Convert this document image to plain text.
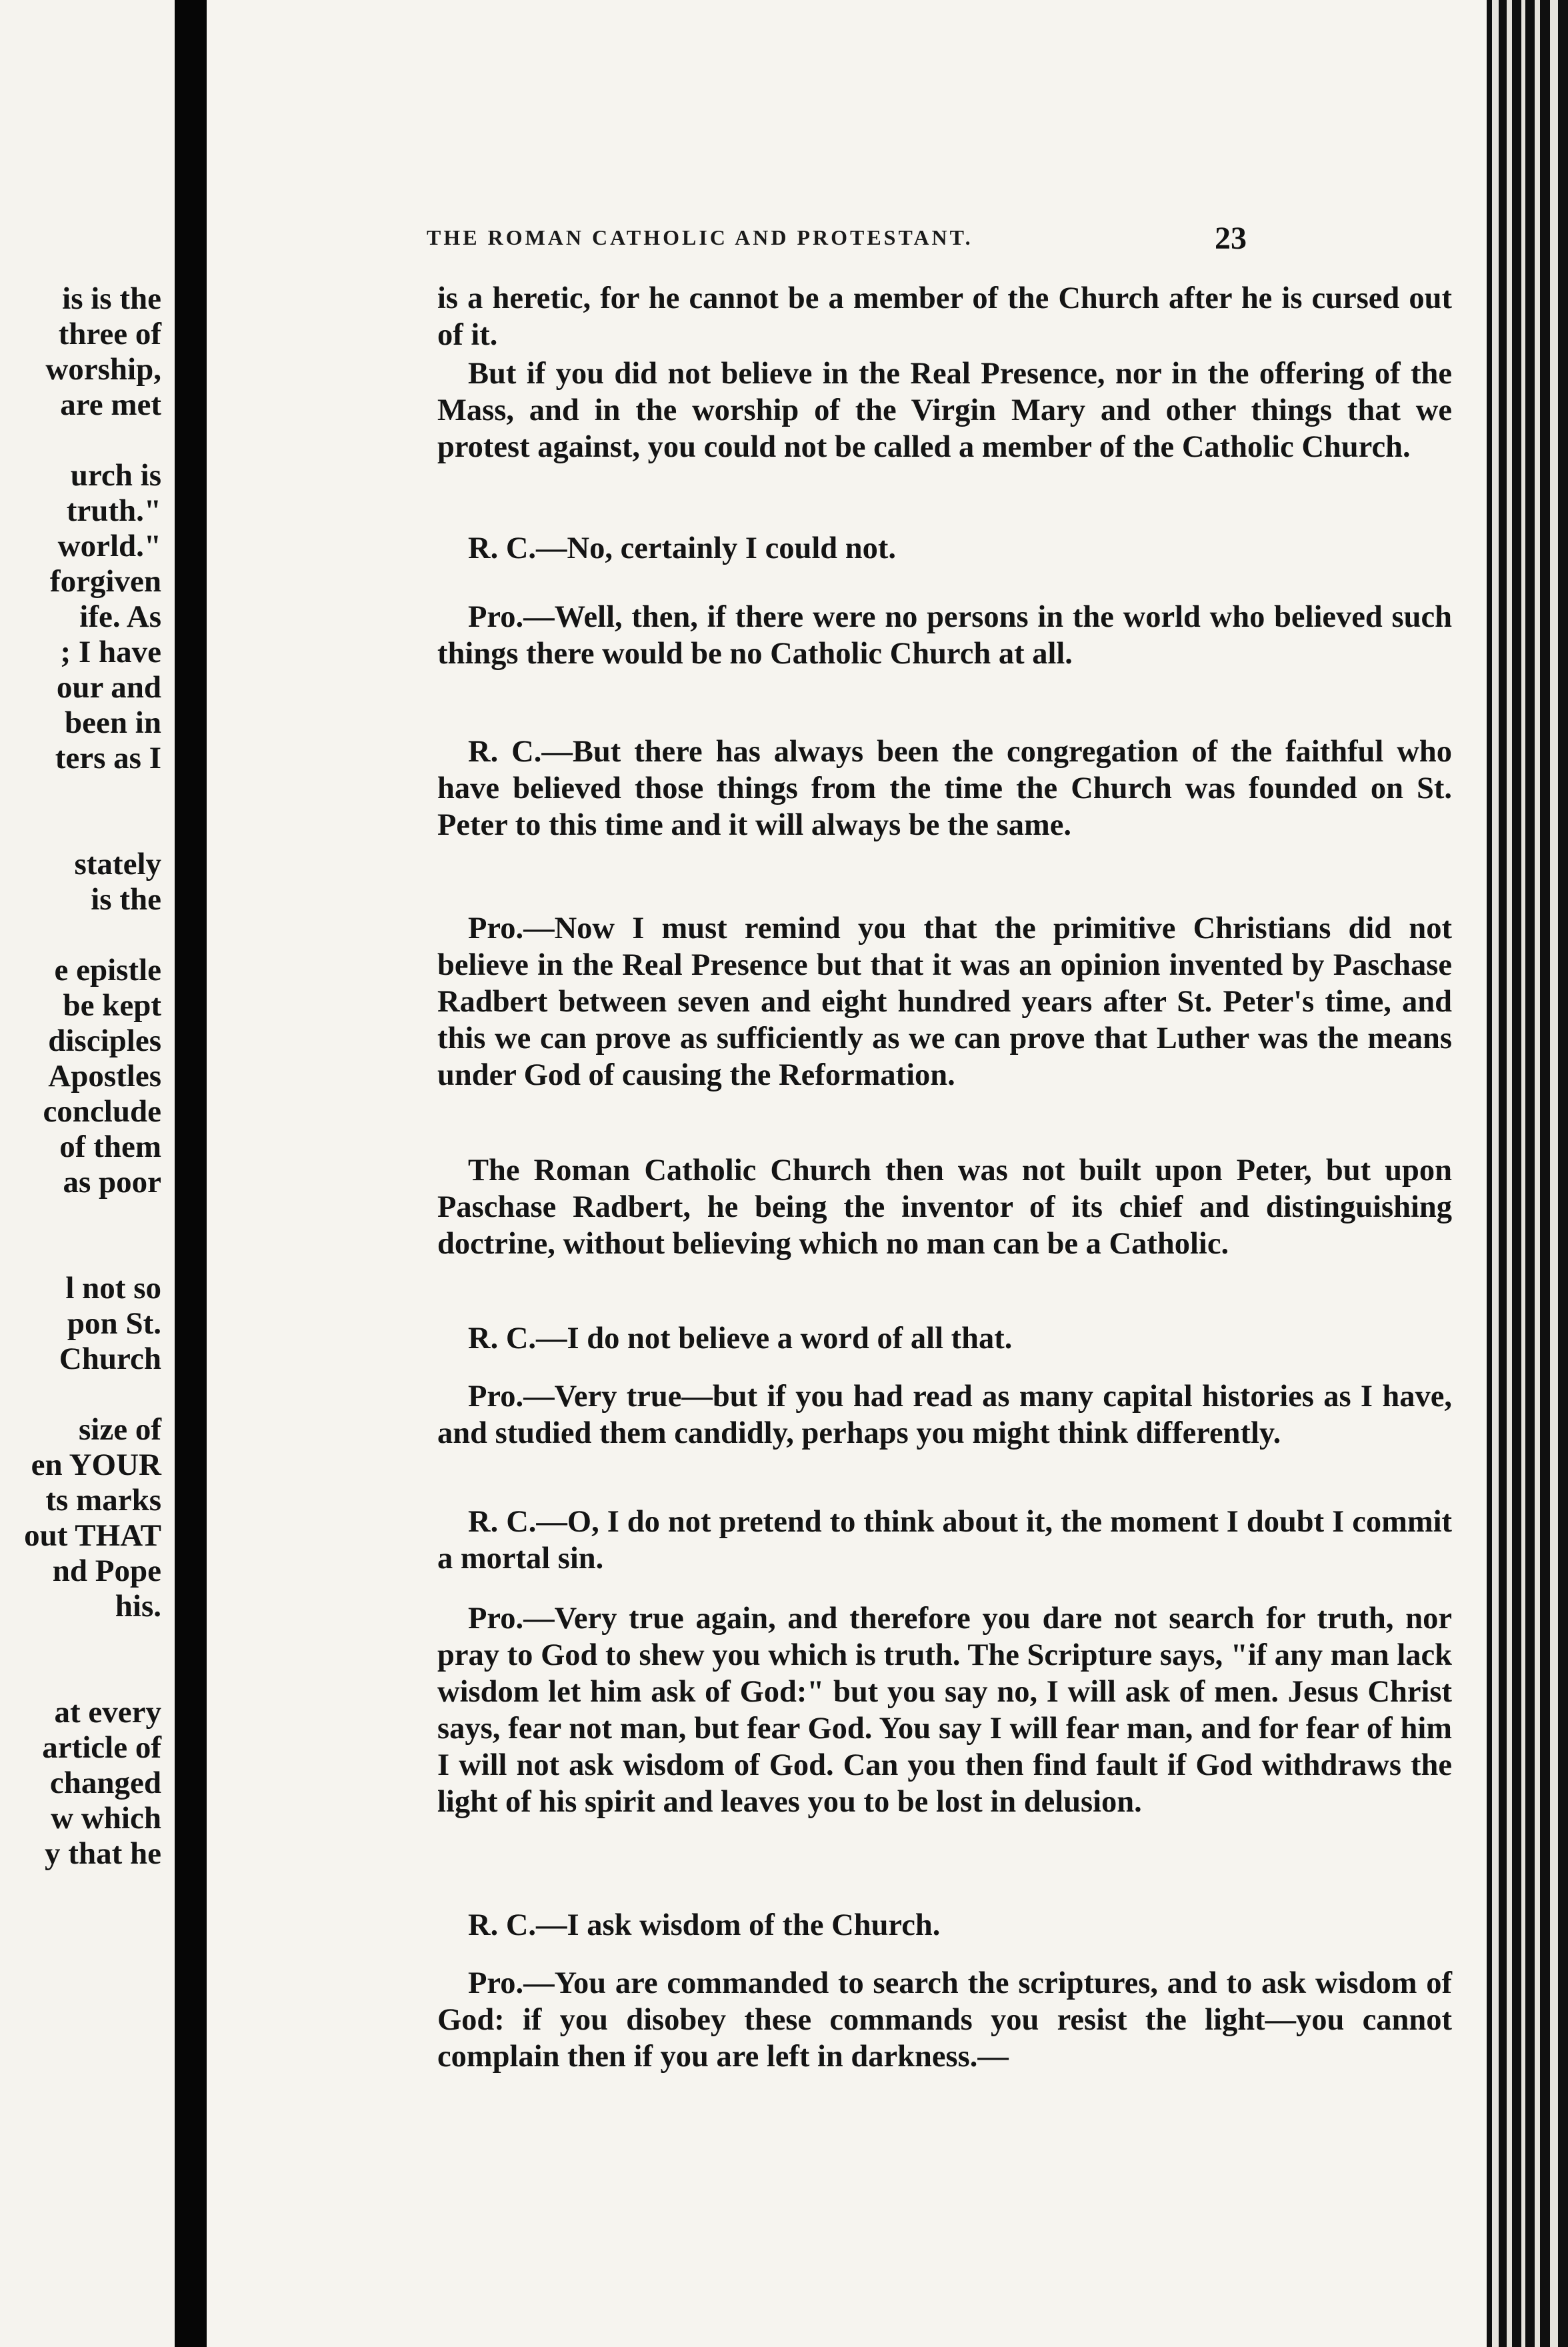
is is the
three of
worship,
are met
urch is
truth."
world."
forgiven
ife. As
; I have
our and
been in
ters as I
stately
is the
e epistle
be kept
disciples
Apostles
conclude
of them
as poor
l not so
pon St.
Church
size of
en YOUR
ts marks
out THAT
nd Pope
his.
at every
article of
changed
w which
y that he
THE ROMAN CATHOLIC AND PROTESTANT.	23
is a heretic, for he cannot be a member of the Church after he is cursed out of it.
But if you did not believe in the Real Presence, nor in the offering of the Mass, and in the worship of the Virgin Mary and other things that we protest against, you could not be called a member of the Catholic Church.
R. C.—No, certainly I could not.
Pro.—Well, then, if there were no persons in the world who believed such things there would be no Catholic Church at all.
R. C.—But there has always been the congregation of the faithful who have believed those things from the time the Church was founded on St. Peter to this time and it will always be the same.
Pro.—Now I must remind you that the primitive Christians did not believe in the Real Presence but that it was an opinion invented by Paschase Radbert between seven and eight hundred years after St. Peter's time, and this we can prove as sufficiently as we can prove that Luther was the means under God of causing the Reformation.
The Roman Catholic Church then was not built upon Peter, but upon Paschase Radbert, he being the inventor of its chief and distinguishing doctrine, without believing which no man can be a Catholic.
R. C.—I do not believe a word of all that.
Pro.—Very true—but if you had read as many capital histories as I have, and studied them candidly, perhaps you might think differently.
R. C.—O, I do not pretend to think about it, the moment I doubt I commit a mortal sin.
Pro.—Very true again, and therefore you dare not search for truth, nor pray to God to shew you which is truth. The Scripture says, "if any man lack wisdom let him ask of God:" but you say no, I will ask of men. Jesus Christ says, fear not man, but fear God. You say I will fear man, and for fear of him I will not ask wisdom of God. Can you then find fault if God withdraws the light of his spirit and leaves you to be lost in delusion.
R. C.—I ask wisdom of the Church.
Pro.—You are commanded to search the scriptures, and to ask wisdom of God: if you disobey these commands you resist the light—you cannot complain then if you are left in darkness.—
